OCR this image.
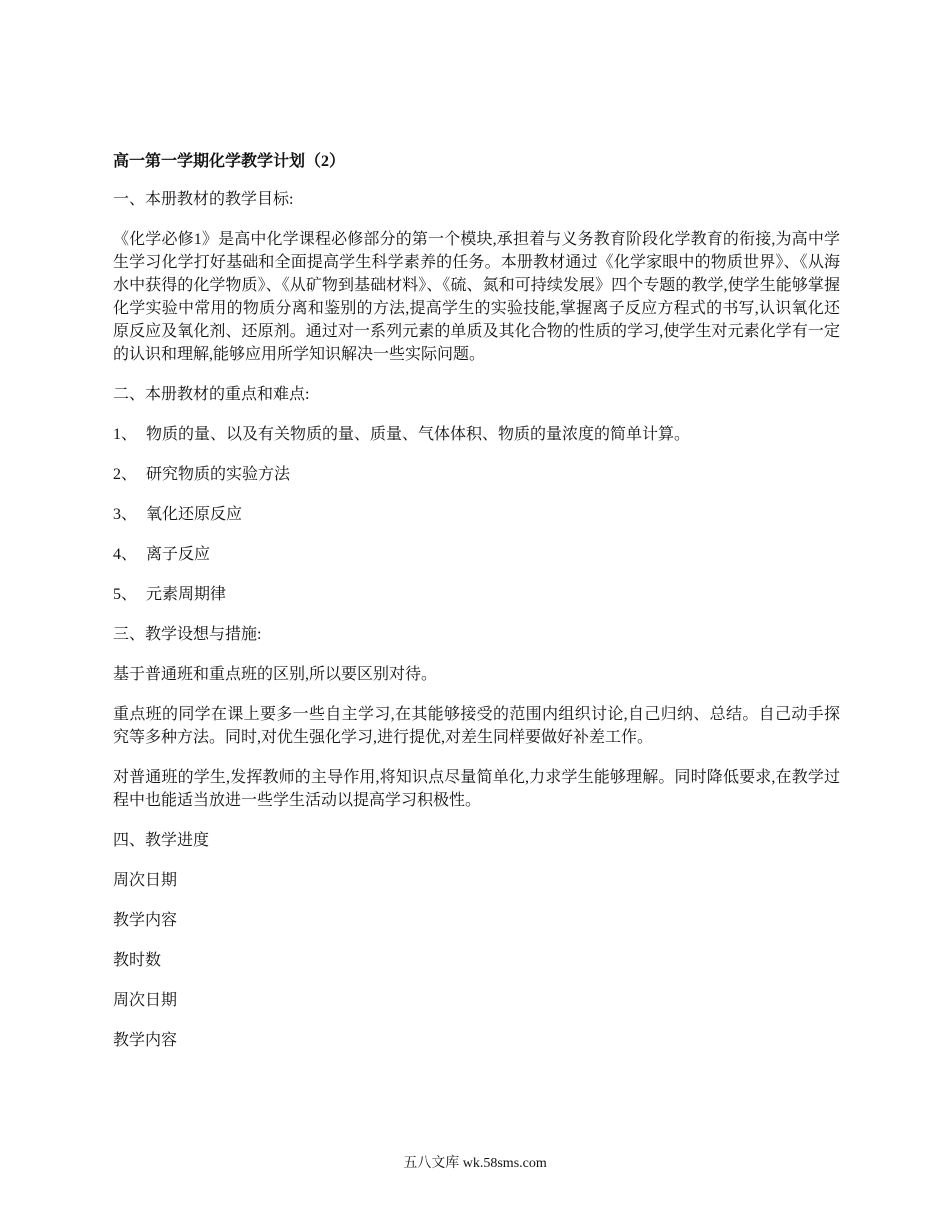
高一第一学期化学教学计划（2）
一、本册教材的教学目标:
《化学必修1》是高中化学课程必修部分的第一个模块,承担着与义务教育阶段化学教育的衔接,为高中学生学习化学打好基础和全面提高学生科学素养的任务。本册教材通过《化学家眼中的物质世界》、《从海水中获得的化学物质》、《从矿物到基础材料》、《硫、氮和可持续发展》四个专题的教学,使学生能够掌握化学实验中常用的物质分离和鉴别的方法,提高学生的实验技能,掌握离子反应方程式的书写,认识氧化还原反应及氧化剂、还原剂。通过对一系列元素的单质及其化合物的性质的学习,使学生对元素化学有一定的认识和理解,能够应用所学知识解决一些实际问题。
二、本册教材的重点和难点:
1、 物质的量、以及有关物质的量、质量、气体体积、物质的量浓度的简单计算。
2、 研究物质的实验方法
3、 氧化还原反应
4、 离子反应
5、 元素周期律
三、教学设想与措施:
基于普通班和重点班的区别,所以要区别对待。
重点班的同学在课上要多一些自主学习,在其能够接受的范围内组织讨论,自己归纳、总结。自己动手探究等多种方法。同时,对优生强化学习,进行提优,对差生同样要做好补差工作。
对普通班的学生,发挥教师的主导作用,将知识点尽量简单化,力求学生能够理解。同时降低要求,在教学过程中也能适当放进一些学生活动以提高学习积极性。
四、教学进度
周次日期
教学内容
教时数
周次日期
教学内容
五八文库 wk.58sms.com
